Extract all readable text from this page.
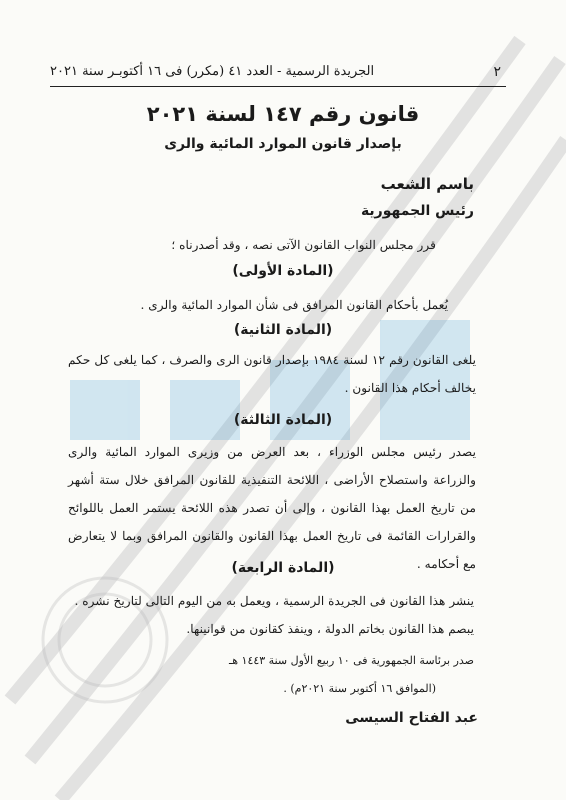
٢
الجريدة الرسمية - العدد ٤١ (مكرر) فى ١٦ أكتوبـر سنة ٢٠٢١
قانون رقم ١٤٧ لسنة ٢٠٢١
بإصدار قانون الموارد المائية والرى
باسم الشعب
رئيس الجمهورية
قرر مجلس النواب القانون الآتى نصه ، وقد أصدرناه ؛
(المادة الأولى)
يُعمل بأحكام القانون المرافق فى شأن الموارد المائية والرى .
(المادة الثانية)
يلغى القانون رقم ١٢ لسنة ١٩٨٤ بإصدار قانون الرى والصرف ، كما يلغى كل حكم يخالف أحكام هذا القانون .
(المادة الثالثة)
يصدر رئيس مجلس الوزراء ، بعد العرض من وزيرى الموارد المائية والرى والزراعة واستصلاح الأراضى ، اللائحة التنفيذية للقانون المرافق خلال ستة أشهر من تاريخ العمل بهذا القانون ، وإلى أن تصدر هذه اللائحة يستمر العمل باللوائح والقرارات القائمة فى تاريخ العمل بهذا القانون والقانون المرافق وبما لا يتعارض مع أحكامه .
(المادة الرابعة)
ينشر هذا القانون فى الجريدة الرسمية ، ويعمل به من اليوم التالى لتاريخ نشره .
يبصم هذا القانون بخاتم الدولة ، وينفذ كقانون من قوانينها.
صدر برئاسة الجمهورية فى ١٠ ربيع الأول سنة ١٤٤٣ هـ
(الموافق ١٦ أكتوبر سنة ٢٠٢١م) .
عبد الفتاح السيسى
